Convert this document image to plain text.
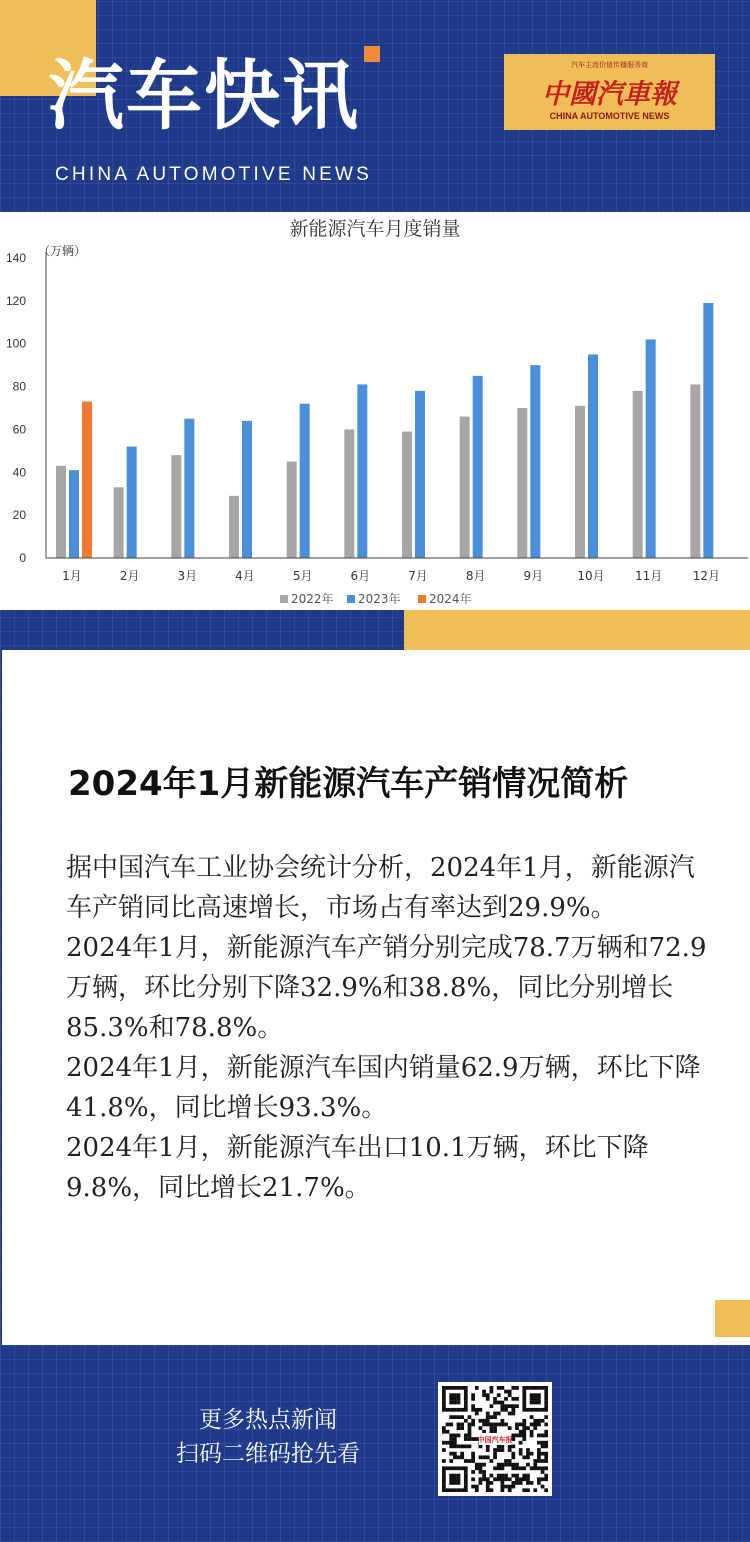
汽车快讯
CHINA AUTOMOTIVE NEWS
汽车主流价值传播服务商
中國汽車報
CHINA AUTOMOTIVE NEWS
新能源汽车月度销量
（万辆）
0
20
40
60
80
100
120
140
1月	2月	3月	4月	5月	6月	7月	8月	9月	10月	11月	12月
2022年 2023年 2024年
2024年1月新能源汽车产销情况简析

据中国汽车工业协会统计分析，2024年1月，新能源汽车产销同比高速增长，市场占有率达到29.9%。

2024年1月，新能源汽车产销分别完成78.7万辆和72.9万辆，环比分别下降32.9%和38.8%，同比分别增长85.3%和78.8%。

2024年1月，新能源汽车国内销量62.9万辆，环比下降41.8%，同比增长93.3%。

2024年1月，新能源汽车出口10.1万辆，环比下降9.8%，同比增长21.7%。

更多热点新闻
扫码二维码抢先看
中国汽车报
